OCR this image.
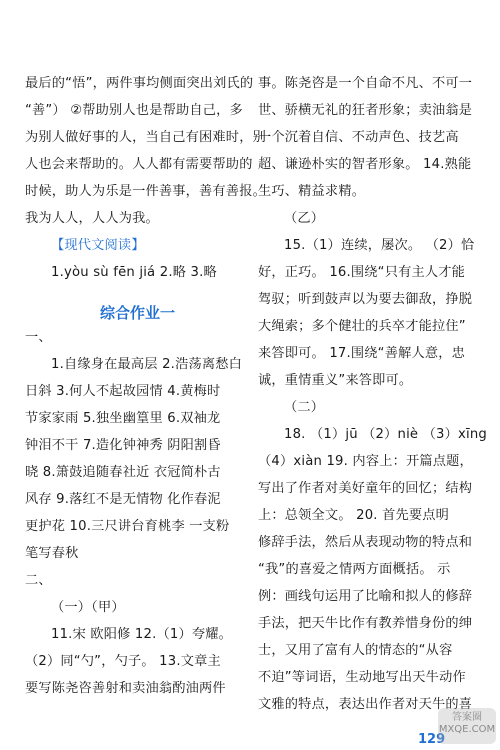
最后的“悟”，两件事均侧面突出刘氏的
“善”） ②帮助别人也是帮助自己，多
为别人做好事的人，当自己有困难时，别
人也会来帮助的。人人都有需要帮助的
时候，助人为乐是一件善事，善有善报。
我为人人，人人为我。
【现代文阅读】
1.yòu sù fēn jiá 2.略 3.略
综合作业一
一、
1.自缘身在最高层 2.浩荡离愁白
日斜 3.何人不起故园情 4.黄梅时
节家家雨 5.独坐幽篁里 6.双袖龙
钟泪不干 7.造化钟神秀 阴阳割昏
晓 8.箫鼓追随春社近 衣冠简朴古
风存 9.落红不是无情物 化作春泥
更护花 10.三尺讲台育桃李 一支粉
笔写春秋
二、
（一）（甲）
11.宋 欧阳修 12.（1）夸耀。
（2）同“勺”，勺子。 13.文章主
要写陈尧咨善射和卖油翁酌油两件
事。陈尧咨是一个自命不凡、不可一
世、骄横无礼的狂者形象；卖油翁是
一个沉着自信、不动声色、技艺高
超、谦逊朴实的智者形象。 14.熟能
生巧、精益求精。
（乙）
15.（1）连续，屡次。 （2）恰
好，正巧。 16.围绕“只有主人才能
驾驭；听到鼓声以为要去御敌，挣脱
大绳索；多个健壮的兵卒才能拉住”
来答即可。 17.围绕“善解人意，忠
诚，重情重义”来答即可。
（二）
18. （1）jū （2）niè （3）xīng
（4）xiàn 19. 内容上：开篇点题，
写出了作者对美好童年的回忆；结构
上：总领全文。 20. 首先要点明
修辞手法，然后从表现动物的特点和
“我”的喜爱之情两方面概括。 示
例：画线句运用了比喻和拟人的修辞
手法，把天牛比作有教养惜身份的绅
士，又用了富有人的情态的“从容
不迫”等词语，生动地写出天牛动作
文雅的特点，表达出作者对天牛的喜
129
答案圈 MXQE.COM
